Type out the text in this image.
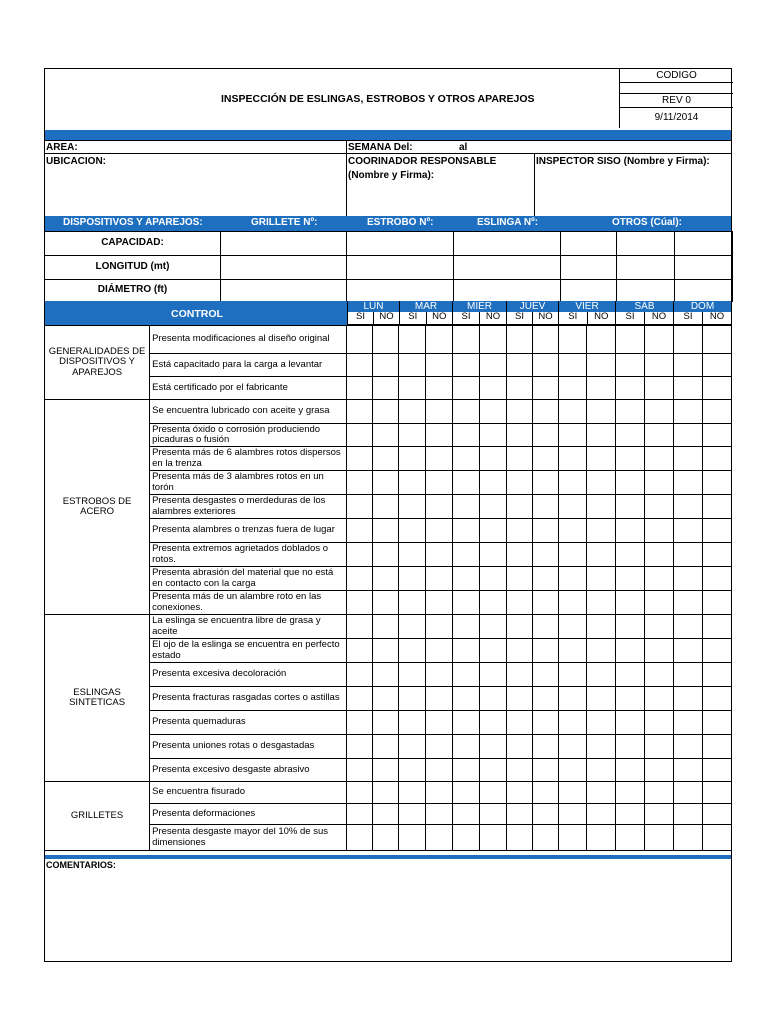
INSPECCIÓN DE ESLINGAS, ESTROBOS Y OTROS APAREJOS
CODIGO
REV 0
9/11/2014
AREA:	SEMANA Del:	al
UBICACION:	COORINADOR RESPONSABLE
(Nombre y Firma):
INSPECTOR SISO (Nombre y Firma):
DISPOSITIVOS Y APAREJOS:	GRILLETE Nº:	ESTROBO Nº:	ESLINGA Nº:	OTROS (Cúal):
CAPACIDAD:						
LONGITUD (mt)						
DIÁMETRO (ft)						
CONTROL
LUN	MAR	MIER	JUEV	VIER	SAB	DOM
SI	NO	SI	NO	SI	NO	SI	NO	SI	NO	SI	NO	SI	NO
GENERALIDADES DE DISPOSITIVOS Y APAREJOS	Presenta modificaciones al diseño original														
	Está capacitado para la carga a levantar														
	Está certificado por el fabricante														
ESTROBOS DE ACERO	Se encuentra lubricado con aceite y grasa														
	Presenta óxido o corrosión produciendo picaduras o fusión														
	Presenta más de 6 alambres rotos dispersos en la trenza														
	Presenta más de 3 alambres rotos en un torón														
	Presenta desgastes o merdeduras de los alambres exteriores														
	Presenta alambres o trenzas fuera de lugar														
	Presenta extremos agrietados doblados o rotos.														
	Presenta abrasión del material que no está en contacto con la carga														
	Presenta más de un alambre roto en las conexiones.														
ESLINGAS SINTETICAS	La eslinga se encuentra libre de grasa y aceite														
	El ojo de la eslinga se encuentra en perfecto estado														
	Presenta excesiva decoloración														
	Presenta fracturas rasgadas cortes o astillas														
	Presenta quemaduras														
	Presenta uniones rotas o desgastadas														
	Presenta excesivo desgaste abrasivo														
GRILLETES	Se encuentra fisurado														
	Presenta deformaciones														
	Presenta desgaste mayor del 10% de sus dimensiones														
COMENTARIOS:
